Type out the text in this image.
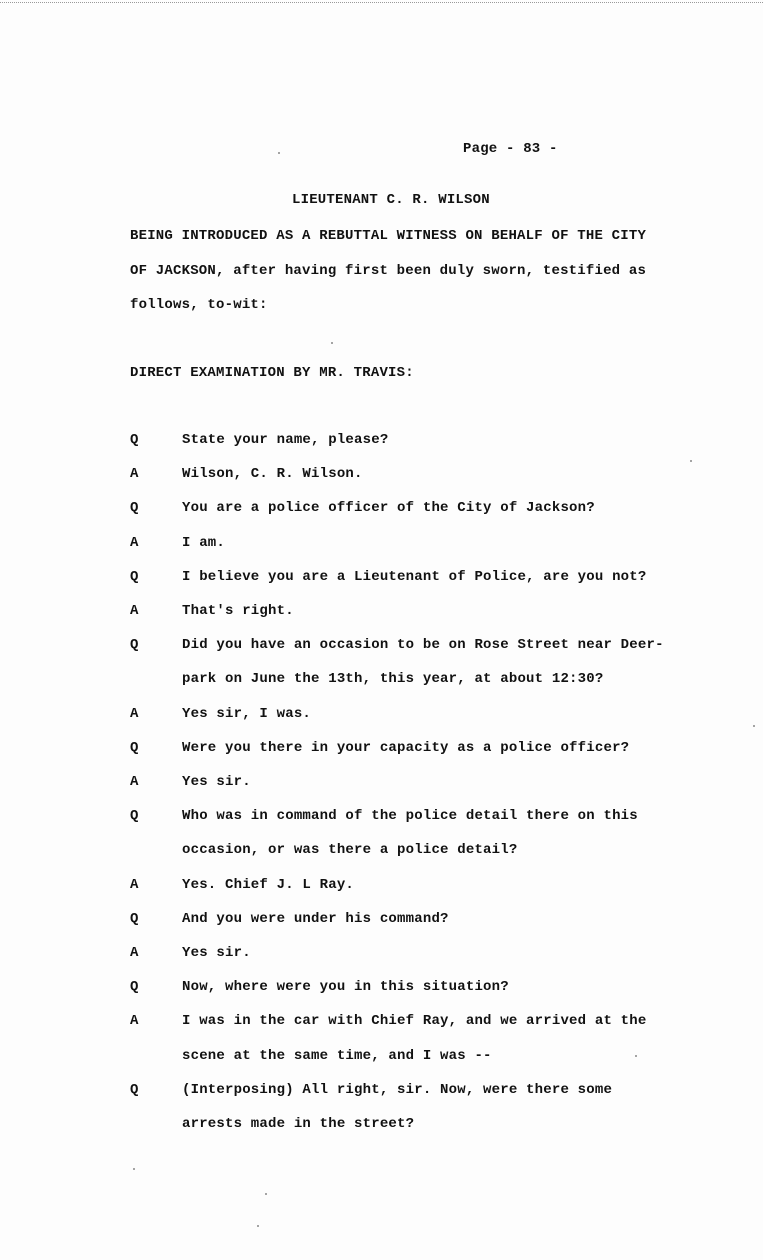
Page - 83 -
LIEUTENANT C. R. WILSON
BEING INTRODUCED AS A REBUTTAL WITNESS ON BEHALF OF THE CITY
OF JACKSON, after having first been duly sworn, testified as
follows, to-wit:
DIRECT EXAMINATION BY MR. TRAVIS:
Q	State your name, please?
A	Wilson, C. R. Wilson.
Q	You are a police officer of the City of Jackson?
A	I am.
Q	I believe you are a Lieutenant of Police, are you not?
A	That's right.
Q	Did you have an occasion to be on Rose Street near Deer-
park on June the 13th, this year, at about 12:30?
A	Yes sir, I was.
Q	Were you there in your capacity as a police officer?
A	Yes sir.
Q	Who was in command of the police detail there on this
occasion, or was there a police detail?
A	Yes. Chief J. L Ray.
Q	And you were under his command?
A	Yes sir.
Q	Now, where were you in this situation?
A	I was in the car with Chief Ray, and we arrived at the
scene at the same time, and I was --
Q	(Interposing) All right, sir. Now, were there some
arrests made in the street?
